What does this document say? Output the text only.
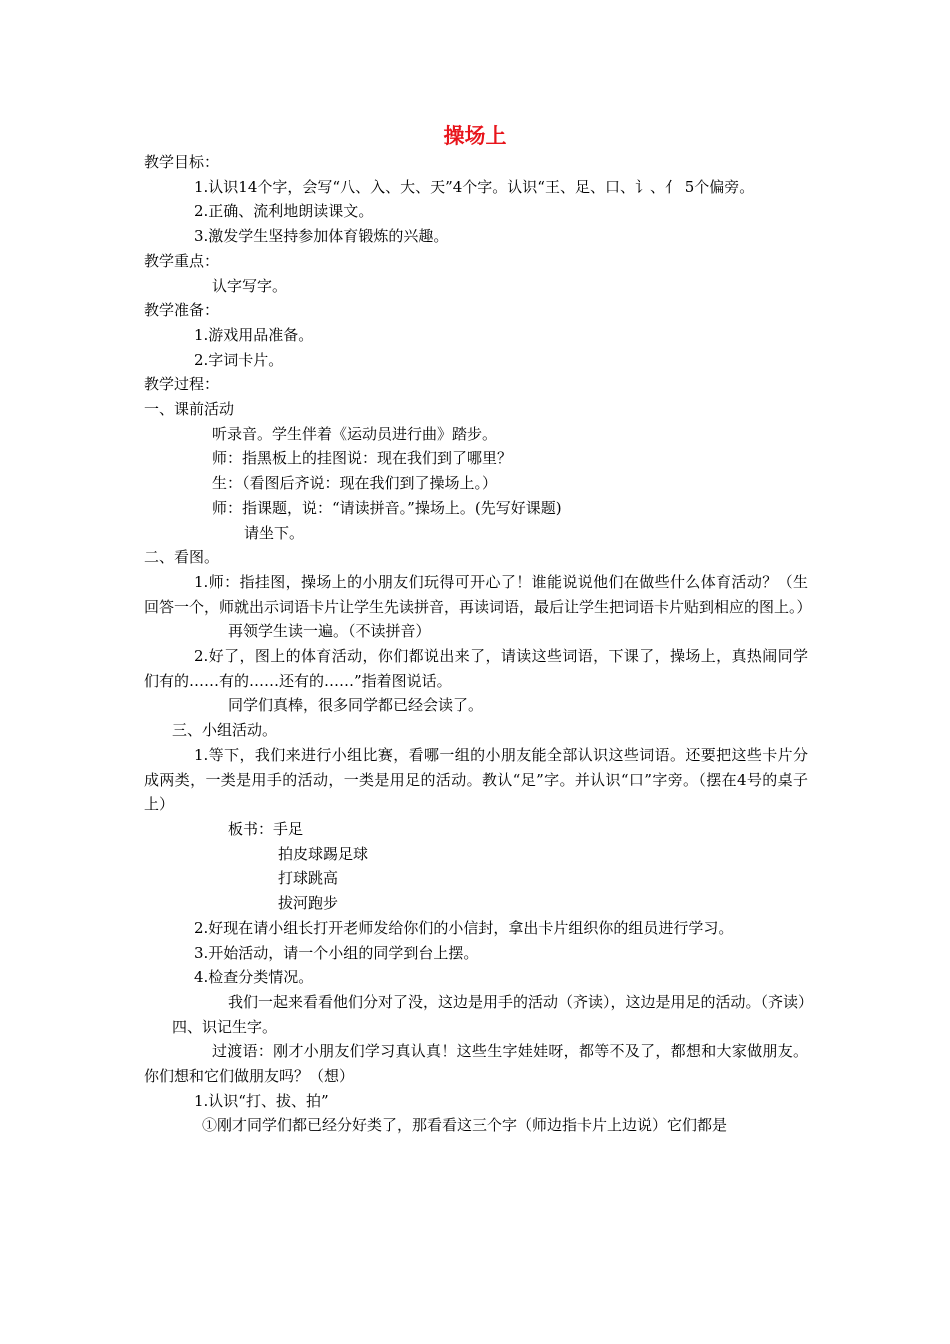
操场上

教学目标：

1.认识14个字，会写“八、入、大、天”4个字。认识“王、足、口、讠、亻 5个偏旁。

2.正确、流利地朗读课文。

3.激发学生坚持参加体育锻炼的兴趣。

教学重点：

认字写字。

教学准备：

1.游戏用品准备。

2.字词卡片。

教学过程：

一、课前活动

听录音。学生伴着《运动员进行曲》踏步。

师：指黑板上的挂图说：现在我们到了哪里？

生：（看图后齐说：现在我们到了操场上。）

师：指课题，说：“请读拼音。”操场上。(先写好课题)

请坐下。

二、看图。

1.师：指挂图，操场上的小朋友们玩得可开心了！谁能说说他们在做些什么体育活动？（生回答一个，师就出示词语卡片让学生先读拼音，再读词语，最后让学生把词语卡片贴到相应的图上。）

再领学生读一遍。（不读拼音）

2.好了，图上的体育活动，你们都说出来了，请读这些词语，下课了，操场上，真热闹同学们有的……有的……还有的……”指着图说话。

同学们真棒，很多同学都已经会读了。

三、小组活动。

1.等下，我们来进行小组比赛，看哪一组的小朋友能全部认识这些词语。还要把这些卡片分成两类，一类是用手的活动，一类是用足的活动。教认“足”字。并认识“口”字旁。（摆在4号的桌子上）

板书：手足

拍皮球踢足球

打球跳高

拔河跑步

2.好现在请小组长打开老师发给你们的小信封，拿出卡片组织你的组员进行学习。

3.开始活动，请一个小组的同学到台上摆。

4.检查分类情况。

我们一起来看看他们分对了没，这边是用手的活动（齐读），这边是用足的活动。（齐读）

四、识记生字。

过渡语：刚才小朋友们学习真认真！这些生字娃娃呀，都等不及了，都想和大家做朋友。你们想和它们做朋友吗？（想）

1.认识“打、拔、拍”

①刚才同学们都已经分好类了，那看看这三个字（师边指卡片上边说）它们都是
